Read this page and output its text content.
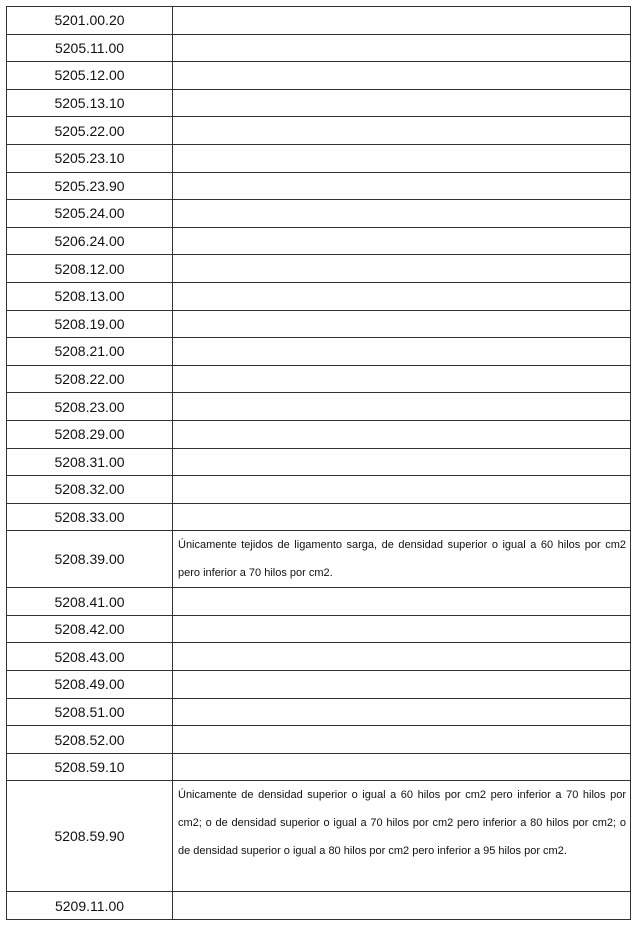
5201.00.20	
5205.11.00	
5205.12.00	
5205.13.10	
5205.22.00	
5205.23.10	
5205.23.90	
5205.24.00	
5206.24.00	
5208.12.00	
5208.13.00	
5208.19.00	
5208.21.00	
5208.22.00	
5208.23.00	
5208.29.00	
5208.31.00	
5208.32.00	
5208.33.00	
5208.39.00	Únicamente tejidos de ligamento sarga, de densidad superior o igual a 60 hilos por cm2 pero inferior a 70 hilos por cm2.
5208.41.00	
5208.42.00	
5208.43.00	
5208.49.00	
5208.51.00	
5208.52.00	
5208.59.10	
5208.59.90	Únicamente de densidad superior o igual a 60 hilos por cm2 pero inferior a 70 hilos por cm2; o de densidad superior o igual a 70 hilos por cm2 pero inferior a 80 hilos por cm2; o de densidad superior o igual a 80 hilos por cm2 pero inferior a 95 hilos por cm2.
5209.11.00	
